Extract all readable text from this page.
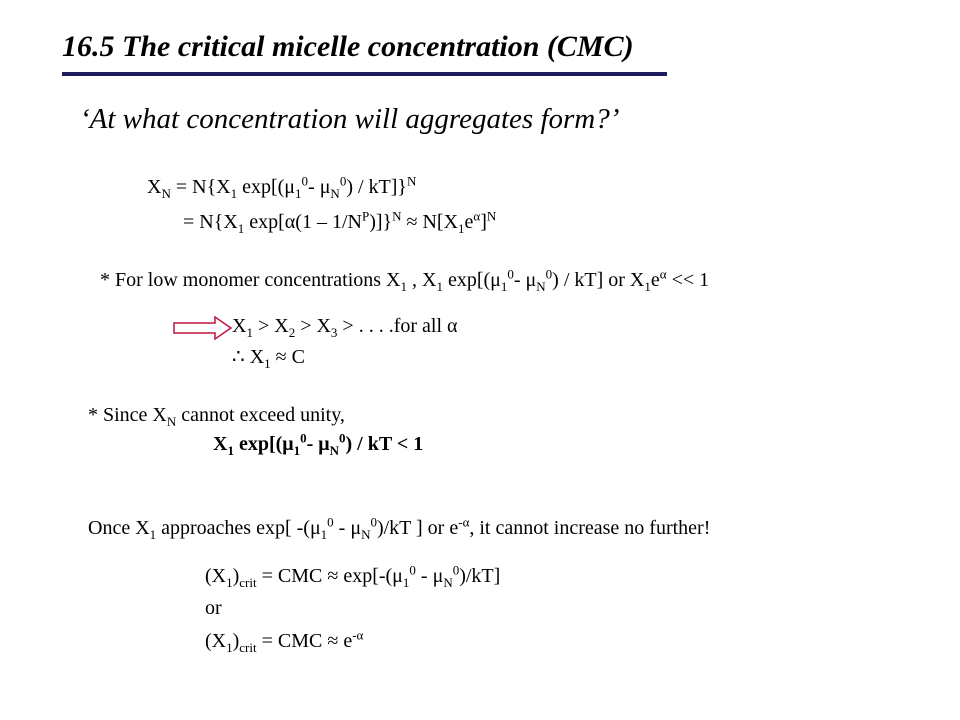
16.5 The critical micelle concentration (CMC)
‘At what concentration will aggregates form?’
$X_N = N\{X_1$ $\exp[(\mu_1^0-$ $\mu_N^0) / kT]\}^N$
= $N\{X_1$ $\exp[\alpha(1 - 1/N^P)]\}^N \approx N[X_1e^\alpha]^N$
* For low monomer concentrations $X_1$ , $X_1$ $\exp[(\mu_1^0-$ $\mu_N^0) / kT$] or $X_1e^\alpha << 1$
$X_1 > X_2 > X_3$ > . . . .for all α
∴ $X_1 \approx C$
* Since $X_N$ cannot exceed unity,
$X_1$ $\exp[(\mu_1^0-$ $\mu_N^0$) / kT < 1
Once $X_1$ approaches exp[ $-(\mu_1^0 - \mu_N^0)/kT$ ] or $e^{-\alpha}$, it cannot increase no further!
$(X_1)_{crit}$ = CMC ≈ $\exp[-(\mu_1^0 - \mu_N^0)/kT]$
or
$(X_1)_{crit}$ = CMC ≈ $e^{-\alpha}$
